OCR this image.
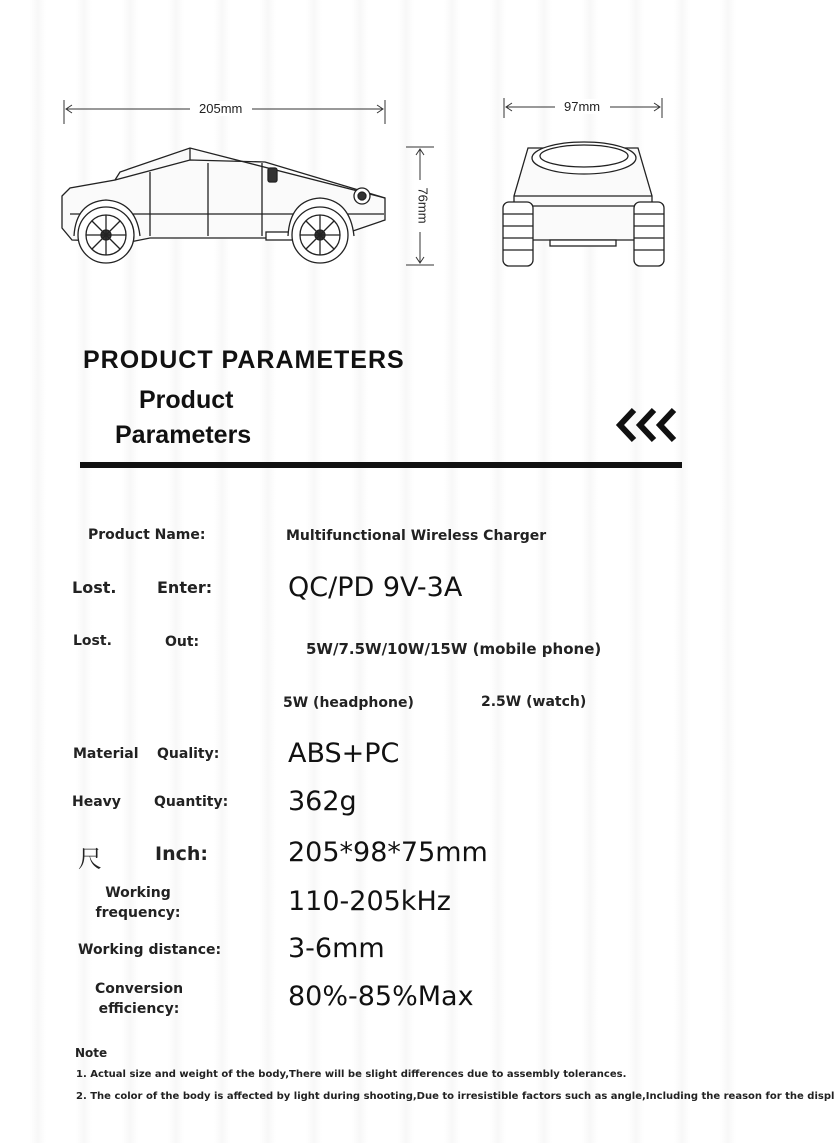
205mm
76mm
97mm
PRODUCT PARAMETERS
Product
Parameters
Product Name:	Multifunctional Wireless Charger
Lost.	Enter:	QC/PD 9V-3A
Lost.	Out:	5W/7.5W/10W/15W (mobile phone)
5W (headphone)	2.5W (watch)
Material Quality:	ABS+PC
Heavy Quantity: 362g
尺	Inch:	205*98*75mm
Working
frequency:	110-205kHz
Working distance: 3-6mm
Conversion
efficiency:	80%-85%Max
Note
1. Actual size and weight of the body,There will be slight differences due to assembly tolerances.
2. The color of the body is affected by light during shooting,Due to irresistible factors such as angle,Including the reason for the displ
